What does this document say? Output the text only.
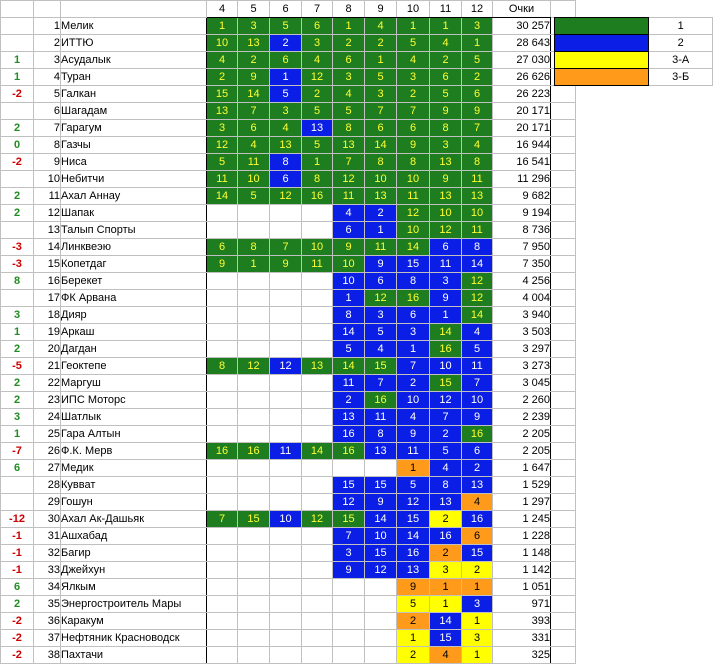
			4	5	6	7	8	9	10	11	12	Очки	
	1	Мелик	1	3	5	6	1	4	1	1	3	30 257	
	2	ИТТЮ	10	13	2	3	2	2	5	4	1	28 643	
1	3	Асудалык	4	2	6	4	6	1	4	2	5	27 030	
1	4	Туран	2	9	1	12	3	5	3	6	2	26 626	
-2	5	Галкан	15	14	5	2	4	3	2	5	6	26 223	
	6	Шагадам	13	7	3	5	5	7	7	9	9	20 171	
2	7	Гарагум	3	6	4	13	8	6	6	8	7	20 171	
0	8	Газчы	12	4	13	5	13	14	9	3	4	16 944	
-2	9	Ниса	5	11	8	1	7	8	8	13	8	16 541	
	10	Небитчи	11	10	6	8	12	10	10	9	11	11 296	
2	11	Ахал Аннау	14	5	12	16	11	13	11	13	13	9 682	
2	12	Шапак					4	2	12	10	10	9 194	
	13	Талып Спорты					6	1	10	12	11	8 736	
-3	14	Линквеэю	6	8	7	10	9	11	14	6	8	7 950	
-3	15	Копетдаг	9	1	9	11	10	9	15	11	14	7 350	
8	16	Берекет					10	6	8	3	12	4 256	
	17	ФК Арвана					1	12	16	9	12	4 004	
3	18	Дияр					8	3	6	1	14	3 940	
1	19	Аркаш					14	5	3	14	4	3 503	
2	20	Дагдан					5	4	1	16	5	3 297	
-5	21	Геоктепе	8	12	12	13	14	15	7	10	11	3 273	
2	22	Маргуш					11	7	2	15	7	3 045	
2	23	ИПС Моторс					2	16	10	12	10	2 260	
3	24	Шатлык					13	11	4	7	9	2 239	
1	25	Гара Алтын					16	8	9	2	16	2 205	
-7	26	Ф.К. Мерв	16	16	11	14	16	13	11	5	6	2 205	
6	27	Медик							1	4	2	1 647	
	28	Кувват					15	15	5	8	13	1 529	
	29	Гошун					12	9	12	13	4	1 297	
-12	30	Ахал Ак-Дашьяк	7	15	10	12	15	14	15	2	16	1 245	
-1	31	Ашхабад					7	10	14	16	6	1 228	
-1	32	Багир					3	15	16	2	15	1 148	
-1	33	Джейхун					9	12	13	3	2	1 142	
6	34	Ялкым							9	1	1	1 051	
2	35	Энергостроитель Мары							5	1	3	971	
-2	36	Каракум							2	14	1	393	
-2	37	Нефтяник Красноводск							1	15	3	331	
-2	38	Пахтачи							2	4	1	325	
	1
	2
	3-А
	3-Б
